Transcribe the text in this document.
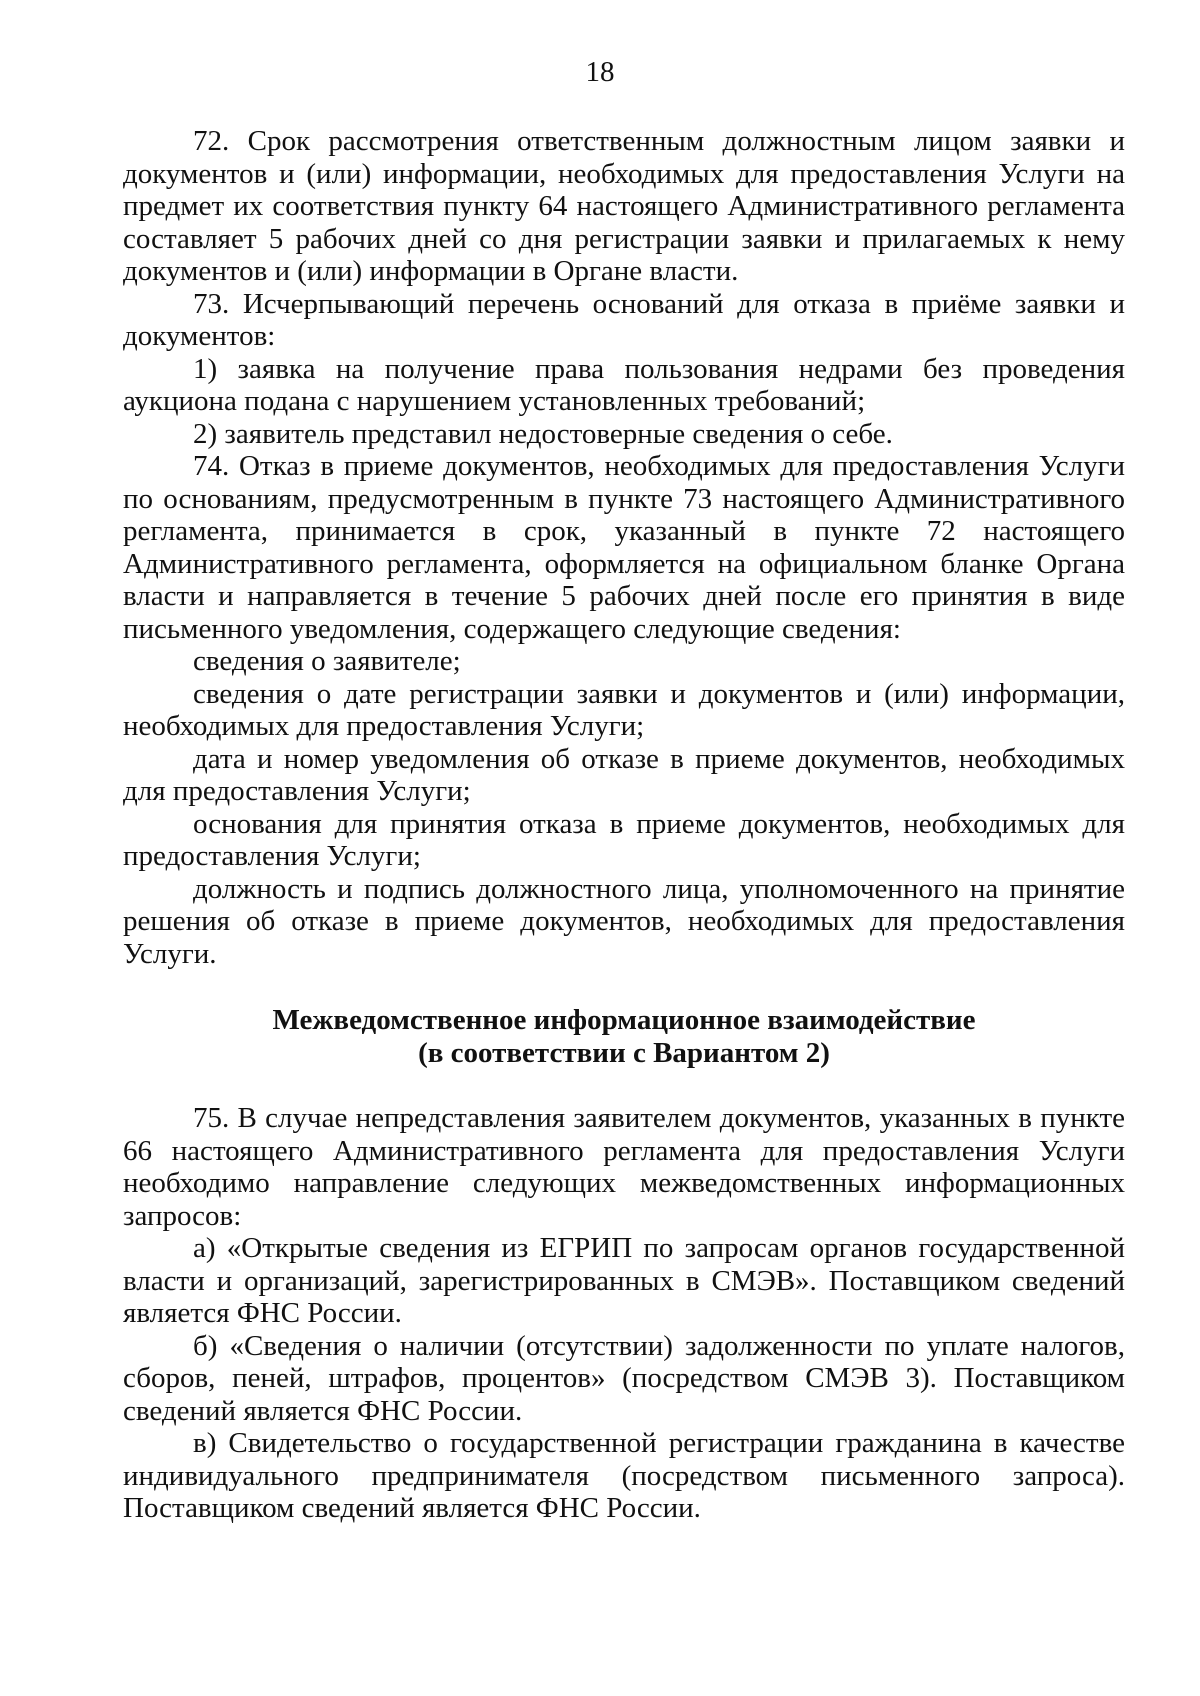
18

72. Срок рассмотрения ответственным должностным лицом заявки и документов и (или) информации, необходимых для предоставления Услуги на предмет их соответствия пункту 64 настоящего Административного регламента составляет 5 рабочих дней со дня регистрации заявки и прилагаемых к нему документов и (или) информации в Органе власти.

73. Исчерпывающий перечень оснований для отказа в приёме заявки и документов:

1) заявка на получение права пользования недрами без проведения аукциона подана с нарушением установленных требований;

2) заявитель представил недостоверные сведения о себе.

74. Отказ в приеме документов, необходимых для предоставления Услуги по основаниям, предусмотренным в пункте 73 настоящего Административного регламента, принимается в срок, указанный в пункте 72 настоящего Административного регламента, оформляется на официальном бланке Органа власти и направляется в течение 5 рабочих дней после его принятия в виде письменного уведомления, содержащего следующие сведения:

сведения о заявителе;

сведения о дате регистрации заявки и документов и (или) информации, необходимых для предоставления Услуги;

дата и номер уведомления об отказе в приеме документов, необходимых для предоставления Услуги;

основания для принятия отказа в приеме документов, необходимых для предоставления Услуги;

должность и подпись должностного лица, уполномоченного на принятие решения об отказе в приеме документов, необходимых для предоставления Услуги.

Межведомственное информационное взаимодействие
(в соответствии с Вариантом 2)

75. В случае непредставления заявителем документов, указанных в пункте 66 настоящего Административного регламента для предоставления Услуги необходимо направление следующих межведомственных информационных запросов:

а) «Открытые сведения из ЕГРИП по запросам органов государственной власти и организаций, зарегистрированных в СМЭВ». Поставщиком сведений является ФНС России.

б) «Сведения о наличии (отсутствии) задолженности по уплате налогов, сборов, пеней, штрафов, процентов» (посредством СМЭВ 3). Поставщиком сведений является ФНС России.

в) Свидетельство о государственной регистрации гражданина в качестве индивидуального предпринимателя (посредством письменного запроса). Поставщиком сведений является ФНС России.
